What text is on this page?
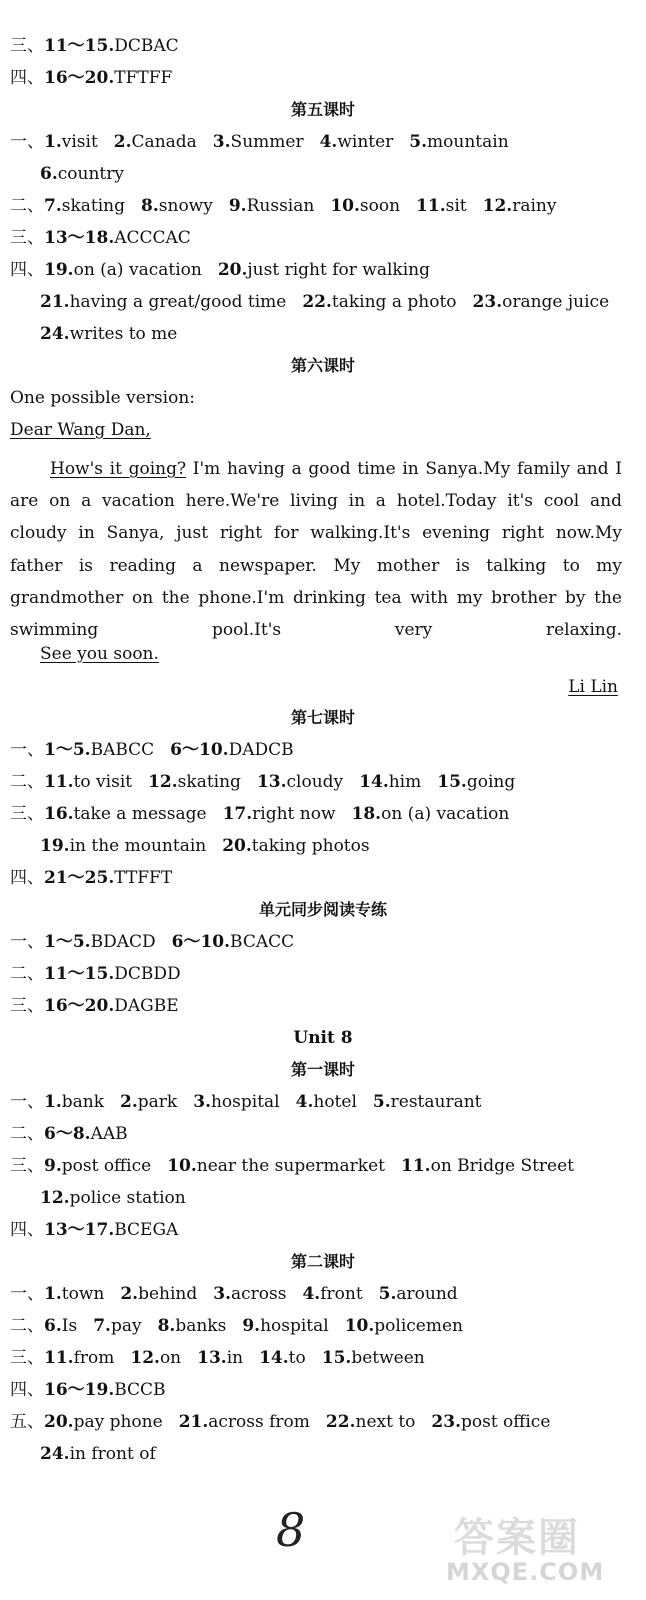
三、11～15.DCBAC
四、16～20.TFTFF
第五课时
一、1.visit 2.Canada 3.Summer 4.winter 5.mountain
6.country
二、7.skating 8.snowy 9.Russian 10.soon 11.sit 12.rainy
三、13～18.ACCCAC
四、19.on (a) vacation 20.just right for walking
21.having a great/good time 22.taking a photo 23.orange juice
24.writes to me
第六课时
One possible version:
Dear Wang Dan,
How's it going? I'm having a good time in Sanya.My family and I are on a vacation here.We're living in a hotel.Today it's cool and cloudy in Sanya, just right for walking.It's evening right now.My father is reading a newspaper. My mother is talking to my grandmother on the phone.I'm drinking tea with my brother by the swimming pool.It's very relaxing.
See you soon.
Li Lin
第七课时
一、1～5.BABCC 6～10.DADCB
二、11.to visit 12.skating 13.cloudy 14.him 15.going
三、16.take a message 17.right now 18.on (a) vacation
19.in the mountain 20.taking photos
四、21～25.TTFFT
单元同步阅读专练
一、1～5.BDACD 6～10.BCACC
二、11～15.DCBDD
三、16～20.DAGBE
Unit 8
第一课时
一、1.bank 2.park 3.hospital 4.hotel 5.restaurant
二、6～8.AAB
三、9.post office 10.near the supermarket 11.on Bridge Street
12.police station
四、13～17.BCEGA
第二课时
一、1.town 2.behind 3.across 4.front 5.around
二、6.Is 7.pay 8.banks 9.hospital 10.policemen
三、11.from 12.on 13.in 14.to 15.between
四、16～19.BCCB
五、20.pay phone 21.across from 22.next to 23.post office
24.in front of
8	答案圈
MXQE.COM
